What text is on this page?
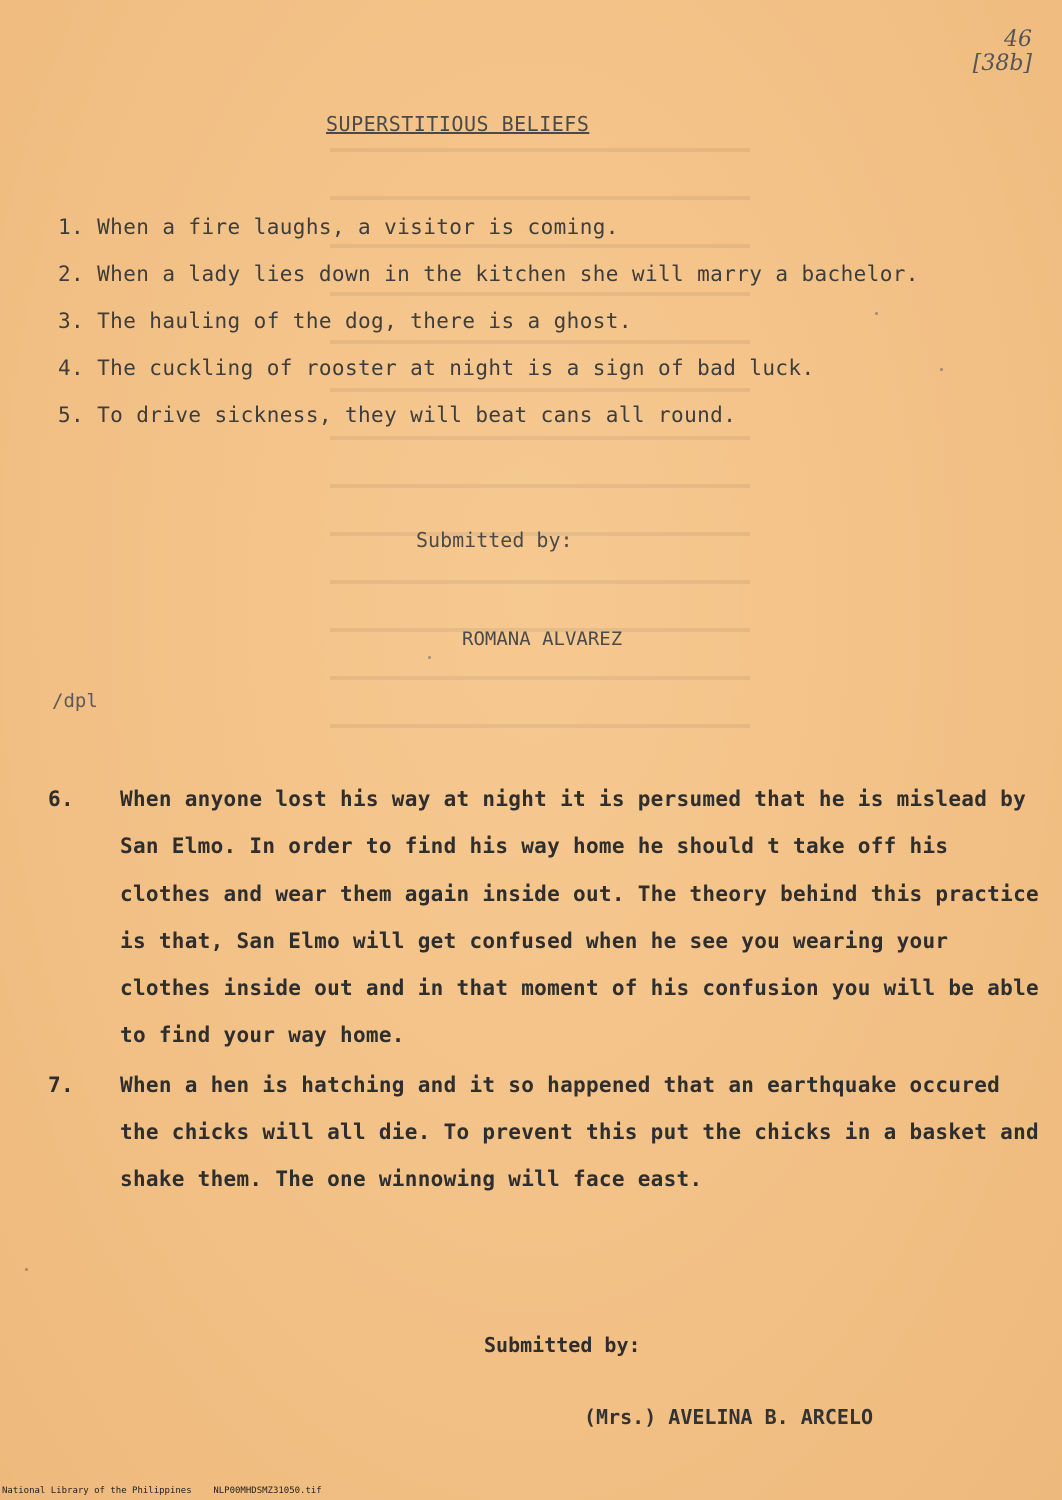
46
[38b]
SUPERSTITIOUS BELIEFS
1. When a fire laughs, a visitor is coming.
2. When a lady lies down in the kitchen she will marry a bachelor.
3. The hauling of the dog, there is a ghost.
4. The cuckling of rooster at night is a sign of bad luck.
5. To drive sickness, they will beat cans all round.
Submitted by:
ROMANA ALVAREZ
/dpl
6. When anyone lost his way at night it is persumed that he is mislead by San Elmo. In order to find his way home he should t take off his clothes and wear them again inside out. The theory behind this practice is that, San Elmo will get confused when he see you wearing your clothes inside out and in that moment of his confusion you will be able to find your way home.
7. When a hen is hatching and it so happened that an earthquake occured the chicks will all die. To prevent this put the chicks in a basket and shake them. The one winnowing will face east.
Submitted by:
(Mrs.) AVELINA B. ARCELO
National Library of the Philippines NLP00MHDSMZ31050.tif
